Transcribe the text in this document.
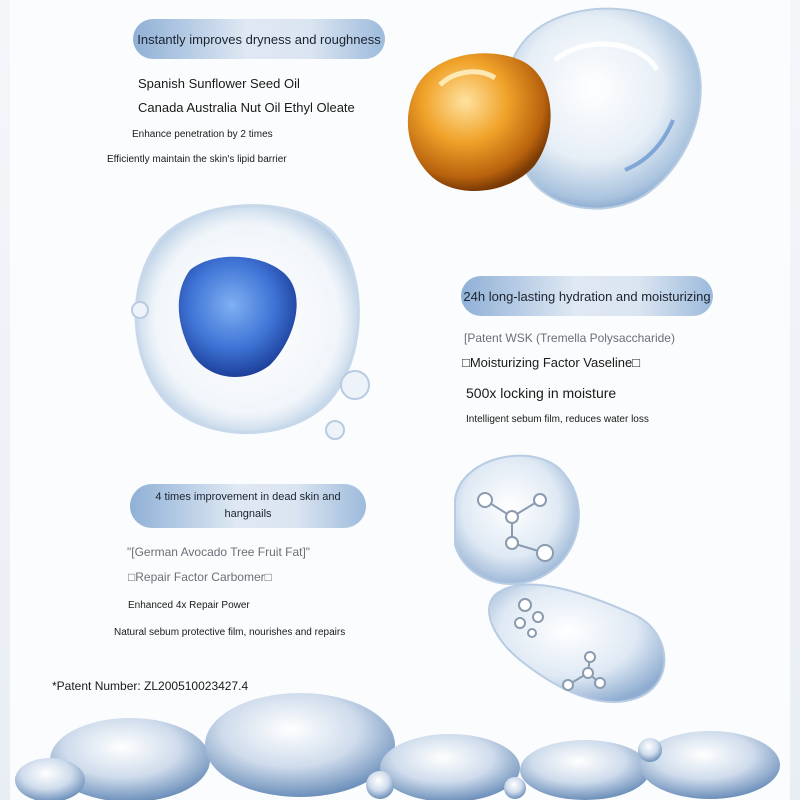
Instantly improves dryness and roughness
Spanish Sunflower Seed Oil
Canada Australia Nut Oil Ethyl Oleate
Enhance penetration by 2 times
Efficiently maintain the skin's lipid barrier
24h long-lasting hydration and moisturizing
[Patent WSK (Tremella Polysaccharide)
□Moisturizing Factor Vaseline□
500x locking in moisture
Intelligent sebum film, reduces water loss
4 times improvement in dead skin and hangnails
"[German Avocado Tree Fruit Fat]"
□Repair Factor Carbomer□
Enhanced 4x Repair Power
Natural sebum protective film, nourishes and repairs
*Patent Number: ZL200510023427.4
